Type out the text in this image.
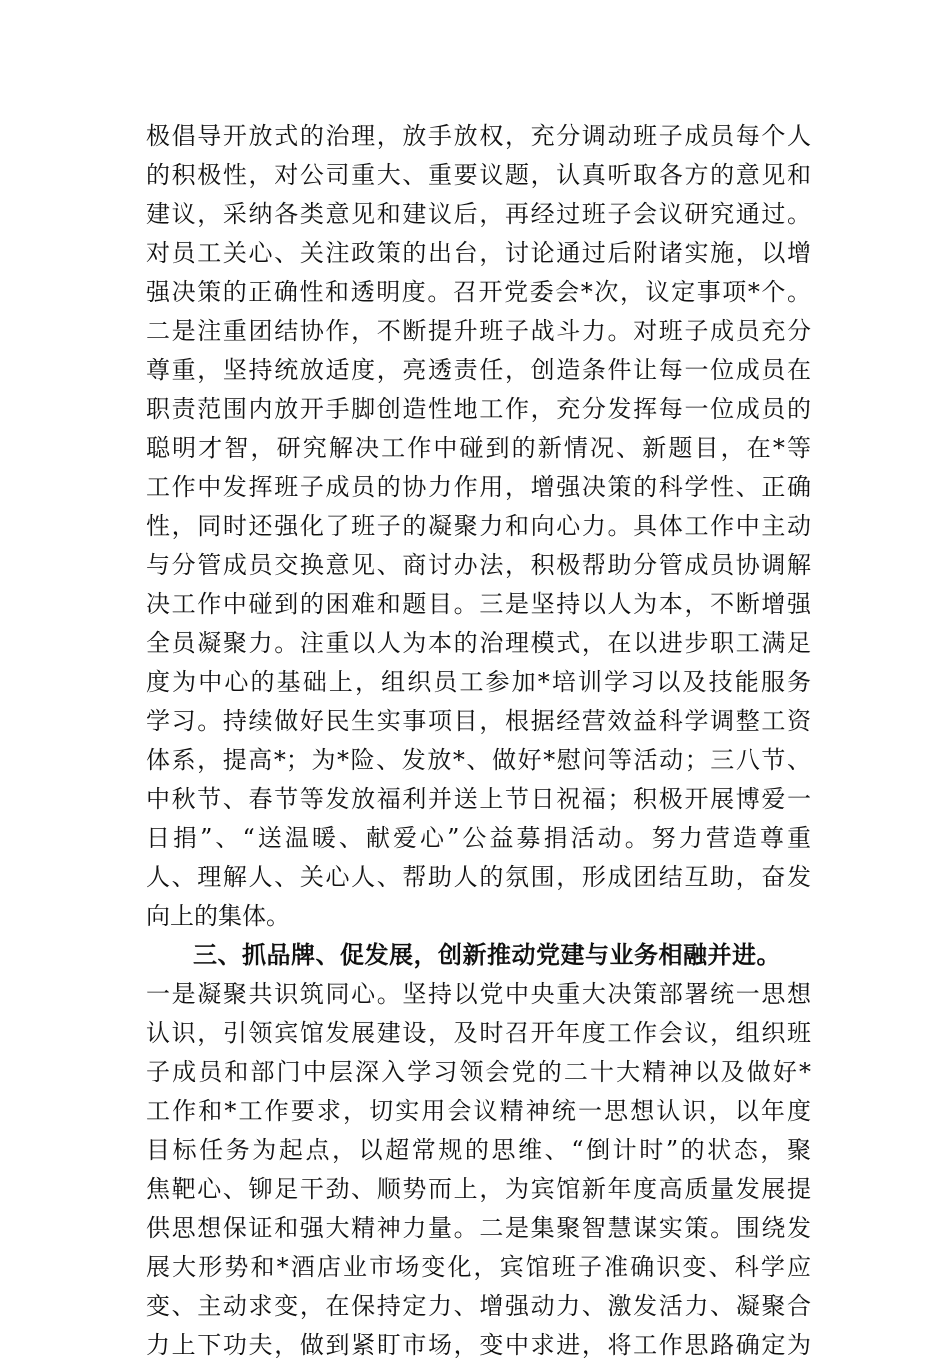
极倡导开放式的治理，放手放权，充分调动班子成员每个人
的积极性，对公司重大、重要议题，认真听取各方的意见和
建议，采纳各类意见和建议后，再经过班子会议研究通过。
对员工关心、关注政策的出台，讨论通过后附诸实施，以增
强决策的正确性和透明度。召开党委会*次，议定事项*个。
二是注重团结协作，不断提升班子战斗力。对班子成员充分
尊重，坚持统放适度，亮透责任，创造条件让每一位成员在
职责范围内放开手脚创造性地工作，充分发挥每一位成员的
聪明才智，研究解决工作中碰到的新情况、新题目，在*等
工作中发挥班子成员的协力作用，增强决策的科学性、正确
性，同时还强化了班子的凝聚力和向心力。具体工作中主动
与分管成员交换意见、商讨办法，积极帮助分管成员协调解
决工作中碰到的困难和题目。三是坚持以人为本，不断增强
全员凝聚力。注重以人为本的治理模式，在以进步职工满足
度为中心的基础上，组织员工参加*培训学习以及技能服务
学习。持续做好民生实事项目，根据经营效益科学调整工资
体系，提高*；为*险、发放*、做好*慰问等活动；三八节、
中秋节、春节等发放福利并送上节日祝福；积极开展博爱一
日捐”、“送温暖、献爱心”公益募捐活动。努力营造尊重
人、理解人、关心人、帮助人的氛围，形成团结互助，奋发
向上的集体。
三、抓品牌、促发展，创新推动党建与业务相融并进。
一是凝聚共识筑同心。坚持以党中央重大决策部署统一思想
认识，引领宾馆发展建设，及时召开年度工作会议，组织班
子成员和部门中层深入学习领会党的二十大精神以及做好*
工作和*工作要求，切实用会议精神统一思想认识，以年度
目标任务为起点，以超常规的思维、“倒计时”的状态，聚
焦靶心、铆足干劲、顺势而上，为宾馆新年度高质量发展提
供思想保证和强大精神力量。二是集聚智慧谋实策。围绕发
展大形势和*酒店业市场变化，宾馆班子准确识变、科学应
变、主动求变，在保持定力、增强动力、激发活力、凝聚合
力上下功夫，做到紧盯市场，变中求进，将工作思路确定为
